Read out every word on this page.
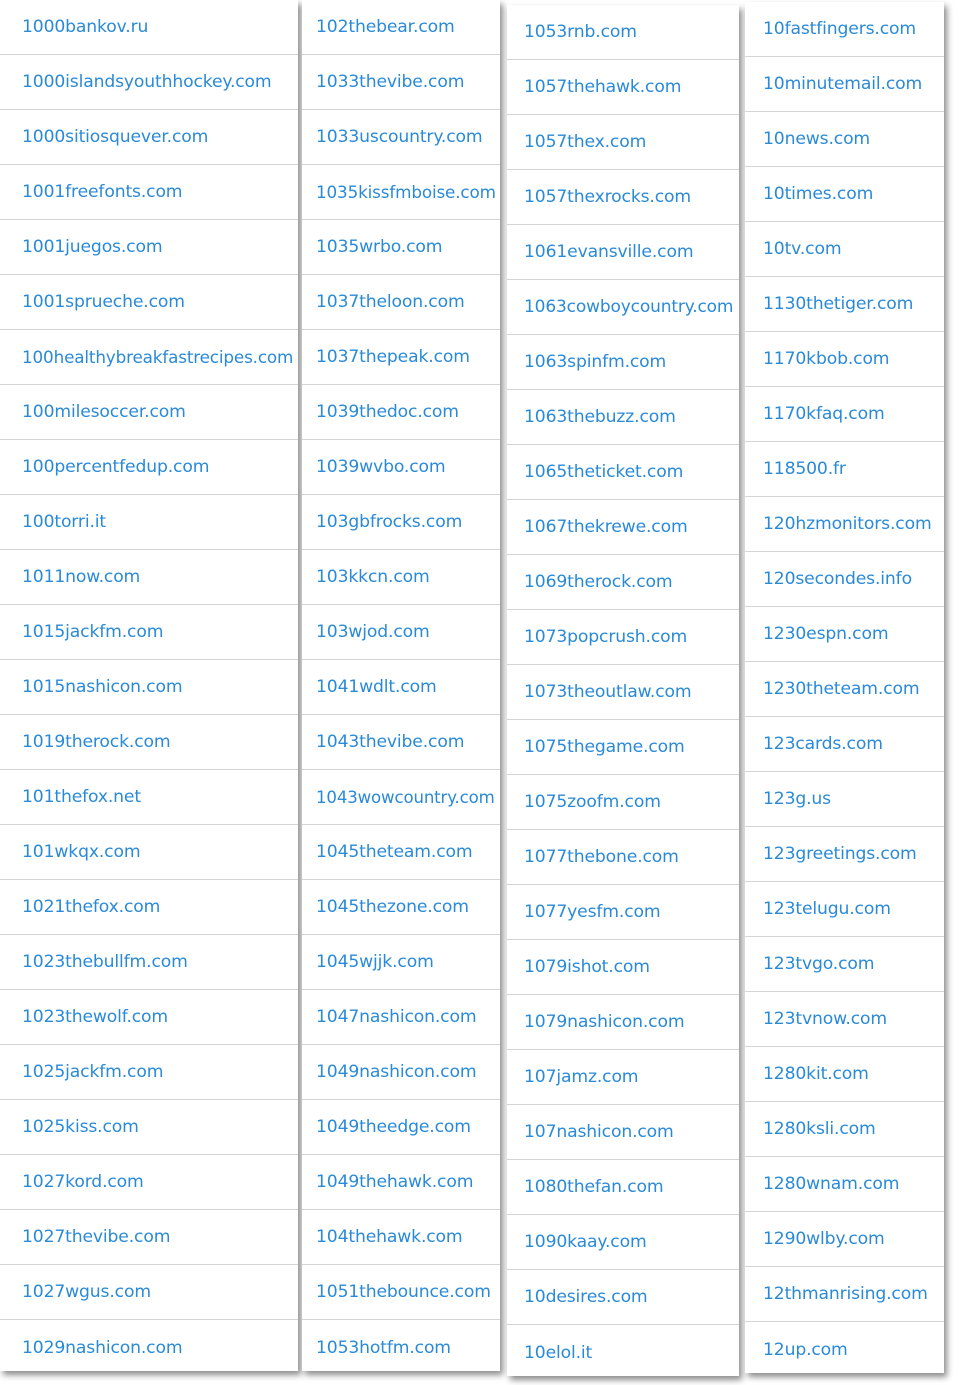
1000bankov.ru
1000islandsyouthhockey.com
1000sitiosquever.com
1001freefonts.com
1001juegos.com
1001sprueche.com
100healthybreakfastrecipes.com
100milesoccer.com
100percentfedup.com
100torri.it
1011now.com
1015jackfm.com
1015nashicon.com
1019therock.com
101thefox.net
101wkqx.com
1021thefox.com
1023thebullfm.com
1023thewolf.com
1025jackfm.com
1025kiss.com
1027kord.com
1027thevibe.com
1027wgus.com
1029nashicon.com
102thebear.com
1033thevibe.com
1033uscountry.com
1035kissfmboise.com
1035wrbo.com
1037theloon.com
1037thepeak.com
1039thedoc.com
1039wvbo.com
103gbfrocks.com
103kkcn.com
103wjod.com
1041wdlt.com
1043thevibe.com
1043wowcountry.com
1045theteam.com
1045thezone.com
1045wjjk.com
1047nashicon.com
1049nashicon.com
1049theedge.com
1049thehawk.com
104thehawk.com
1051thebounce.com
1053hotfm.com
1053rnb.com
1057thehawk.com
1057thex.com
1057thexrocks.com
1061evansville.com
1063cowboycountry.com
1063spinfm.com
1063thebuzz.com
1065theticket.com
1067thekrewe.com
1069therock.com
1073popcrush.com
1073theoutlaw.com
1075thegame.com
1075zoofm.com
1077thebone.com
1077yesfm.com
1079ishot.com
1079nashicon.com
107jamz.com
107nashicon.com
1080thefan.com
1090kaay.com
10desires.com
10elol.it
10fastfingers.com
10minutemail.com
10news.com
10times.com
10tv.com
1130thetiger.com
1170kbob.com
1170kfaq.com
118500.fr
120hzmonitors.com
120secondes.info
1230espn.com
1230theteam.com
123cards.com
123g.us
123greetings.com
123telugu.com
123tvgo.com
123tvnow.com
1280kit.com
1280ksli.com
1280wnam.com
1290wlby.com
12thmanrising.com
12up.com
